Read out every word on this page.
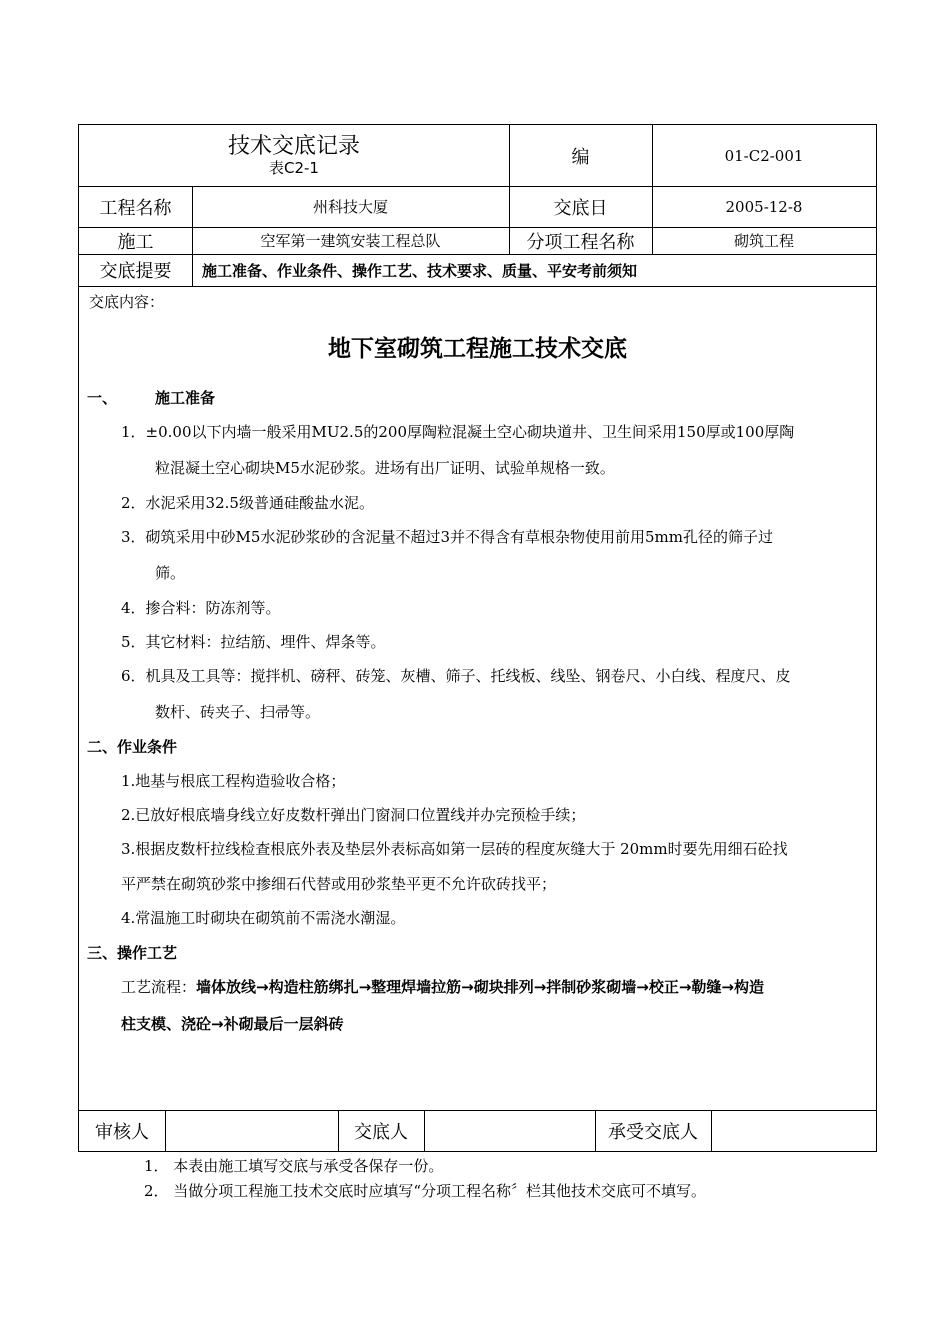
技术交底记录
表C2-1
编	01-C2-001
工程名称	州科技大厦	交底日	2005-12-8
施工	空军第一建筑安装工程总队	分项工程名称	砌筑工程
交底提要	施工准备、作业条件、操作工艺、技术要求、质量、平安考前须知
交底内容：
地下室砌筑工程施工技术交底
一、	施工准备
1．±0.00以下内墙一般采用MU2.5的200厚陶粒混凝土空心砌块道井、卫生间采用150厚或100厚陶
粒混凝土空心砌块M5水泥砂浆。进场有出厂证明、试验单规格一致。
2．水泥采用32.5级普通硅酸盐水泥。
3．砌筑采用中砂M5水泥砂浆砂的含泥量不超过3并不得含有草根杂物使用前用5mm孔径的筛子过
筛。
4．掺合料：防冻剂等。
5．其它材料：拉结筋、埋件、焊条等。
6．机具及工具等：搅拌机、磅秤、砖笼、灰槽、筛子、托线板、线坠、钢卷尺、小白线、程度尺、皮
数杆、砖夹子、扫帚等。
二、作业条件
1.地基与根底工程构造验收合格；
2.已放好根底墙身线立好皮数杆弹出门窗洞口位置线并办完预检手续；
3.根据皮数杆拉线检查根底外表及垫层外表标高如第一层砖的程度灰缝大于 20mm时要先用细石砼找
平严禁在砌筑砂浆中掺细石代替或用砂浆垫平更不允许砍砖找平；
4.常温施工时砌块在砌筑前不需浇水潮湿。
三、操作工艺
工艺流程：墙体放线→构造柱筋绑扎→整理焊墙拉筋→砌块排列→拌制砂浆砌墙→校正→勒缝→构造
柱支模、浇砼→补砌最后一层斜砖
审核人	交底人	承受交底人
1． 本表由施工填写交底与承受各保存一份。
2． 当做分项工程施工技术交底时应填写“分项工程名称〞栏其他技术交底可不填写。
